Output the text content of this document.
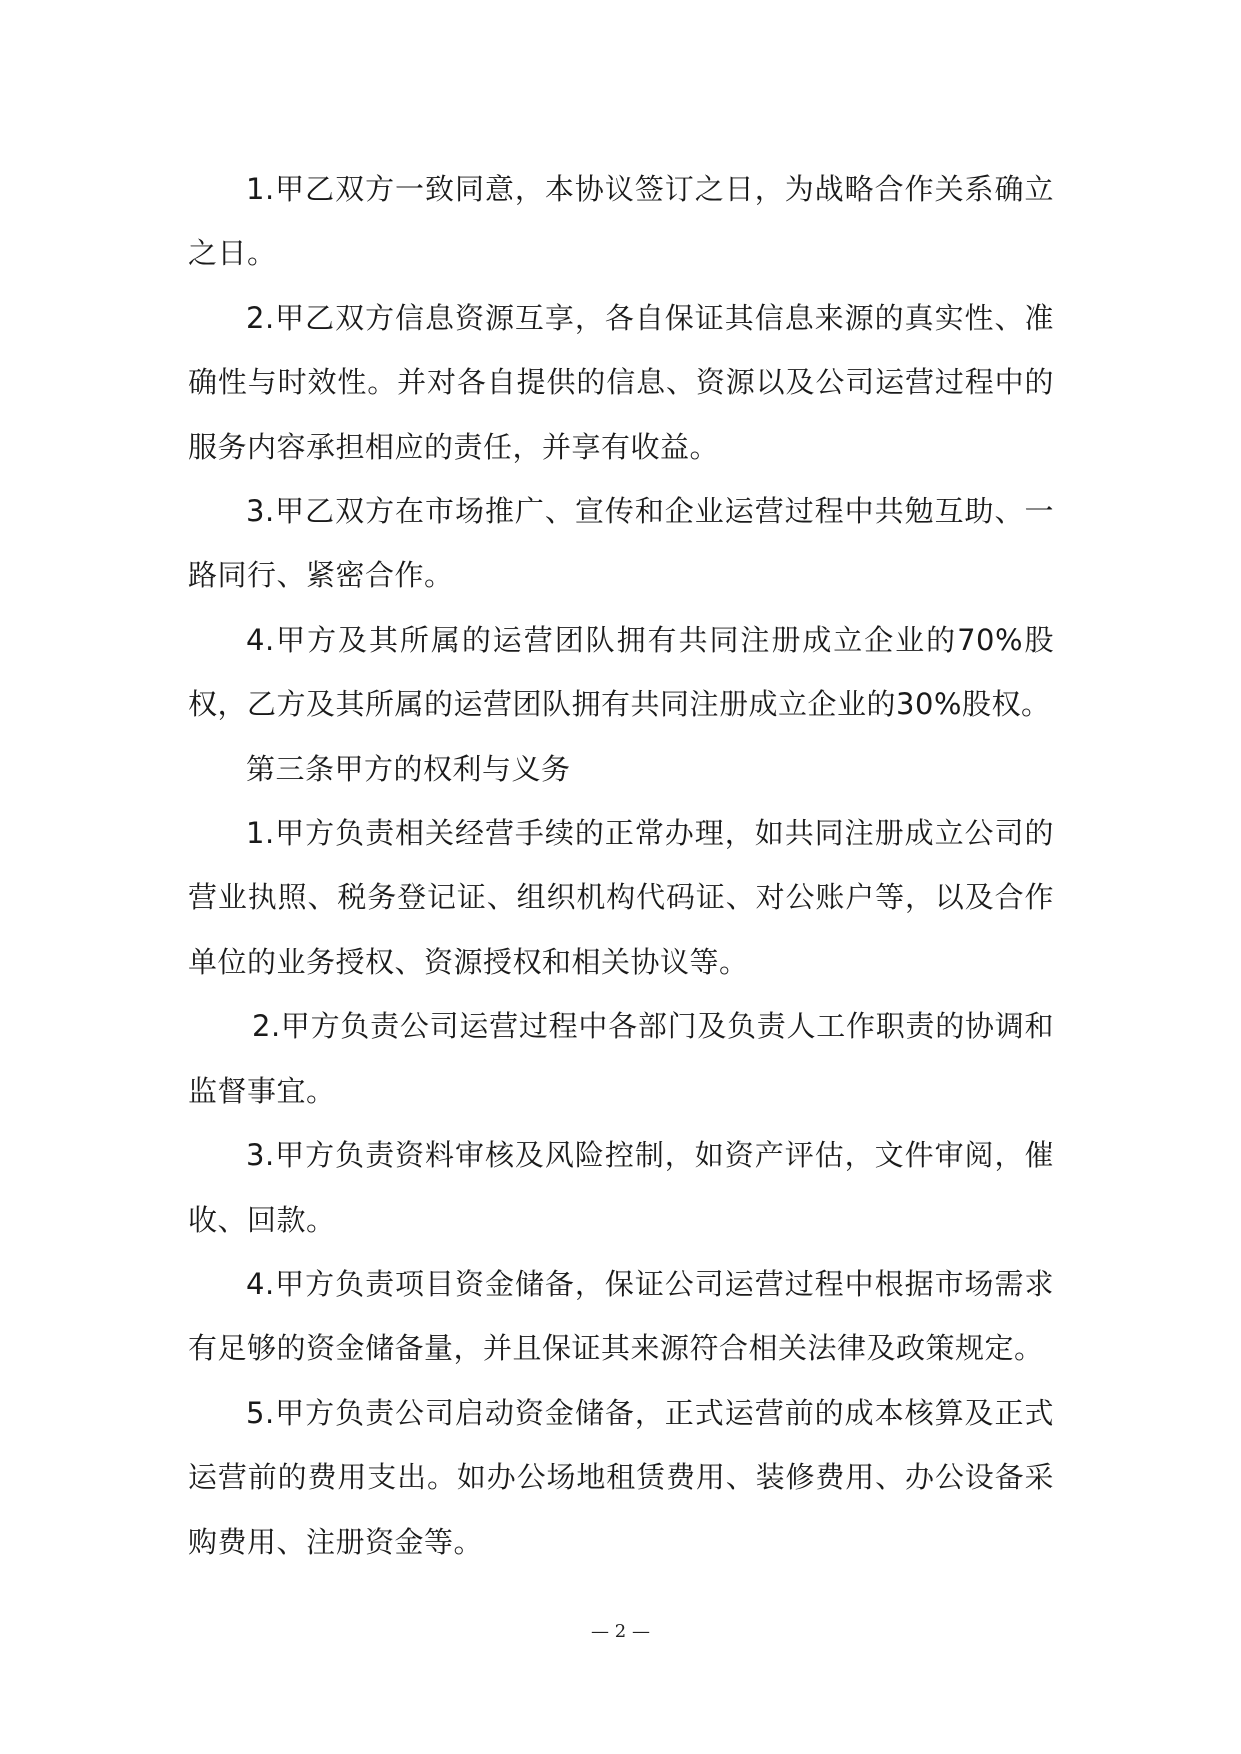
1.甲乙双方一致同意，本协议签订之日，为战略合作关系确立之日。

2.甲乙双方信息资源互享，各自保证其信息来源的真实性、准确性与时效性。并对各自提供的信息、资源以及公司运营过程中的服务内容承担相应的责任，并享有收益。

3.甲乙双方在市场推广、宣传和企业运营过程中共勉互助、一路同行、紧密合作。

4.甲方及其所属的运营团队拥有共同注册成立企业的70%股权，乙方及其所属的运营团队拥有共同注册成立企业的30%股权。

第三条甲方的权利与义务

1.甲方负责相关经营手续的正常办理，如共同注册成立公司的营业执照、税务登记证、组织机构代码证、对公账户等，以及合作单位的业务授权、资源授权和相关协议等。

2.甲方负责公司运营过程中各部门及负责人工作职责的协调和监督事宜。

3.甲方负责资料审核及风险控制，如资产评估，文件审阅，催收、回款。

4.甲方负责项目资金储备，保证公司运营过程中根据市场需求有足够的资金储备量，并且保证其来源符合相关法律及政策规定。

5.甲方负责公司启动资金储备，正式运营前的成本核算及正式运营前的费用支出。如办公场地租赁费用、装修费用、办公设备采购费用、注册资金等。

— 2 —
